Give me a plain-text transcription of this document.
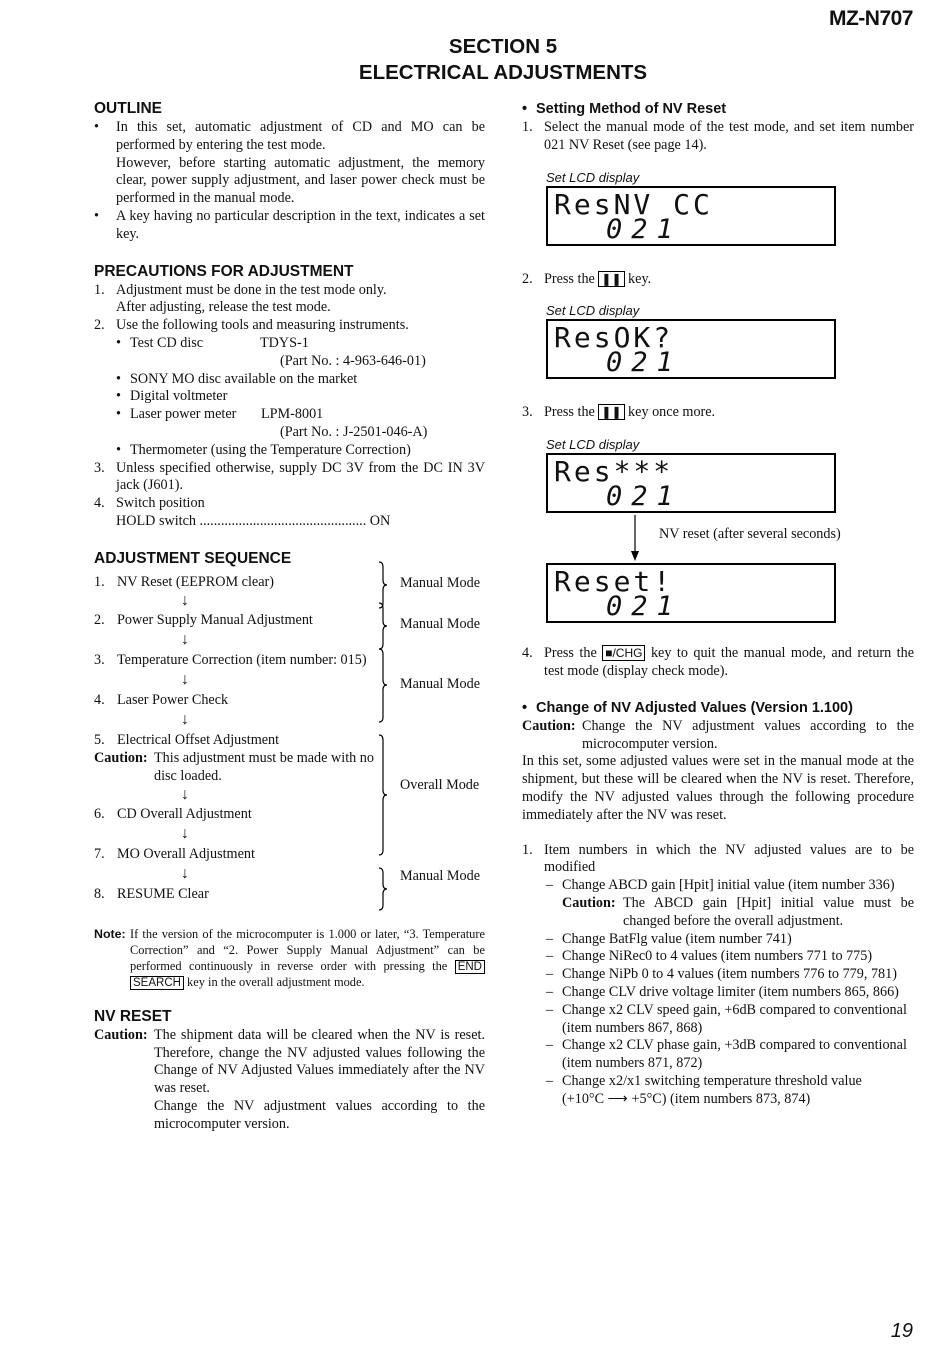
MZ-N707
SECTION 5
ELECTRICAL ADJUSTMENTS
OUTLINE
• In this set, automatic adjustment of CD and MO can be performed by entering the test mode.
However, before starting automatic adjustment, the memory clear, power supply adjustment, and laser power check must be performed in the manual mode.
• A key having no particular description in the text, indicates a set key.
PRECAUTIONS FOR ADJUSTMENT
1. Adjustment must be done in the test mode only.
After adjusting, release the test mode.
2. Use the following tools and measuring instruments.
• Test CD disc	TDYS-1
(Part No. : 4-963-646-01)
• SONY MO disc available on the market
• Digital voltmeter
• Laser power meter LPM-8001
(Part No. : J-2501-046-A)
• Thermometer (using the Temperature Correction)
3. Unless specified otherwise, supply DC 3V from the DC IN 3V jack (J601).
4. Switch position
HOLD switch ............................................... ON
ADJUSTMENT SEQUENCE
1. NV Reset (EEPROM clear)
↓
2. Power Supply Manual Adjustment
↓
3. Temperature Correction (item number: 015)
↓
4. Laser Power Check
↓
5. Electrical Offset Adjustment
Caution: This adjustment must be made with no disc loaded.
↓
6. CD Overall Adjustment
↓
7. MO Overall Adjustment
↓
8. RESUME Clear
Manual Mode
Manual Mode
Manual Mode
Overall Mode
Manual Mode
Note: If the version of the microcomputer is 1.000 or later, “3. Temperature Correction” and “2. Power Supply Manual Adjustment” can be performed continuously in reverse order with pressing the END SEARCH key in the overall adjustment mode.
NV RESET
Caution: The shipment data will be cleared when the NV is reset. Therefore, change the NV adjusted values following the Change of NV Adjusted Values immediately after the NV was reset.
Change the NV adjustment values according to the microcomputer version.
• Setting Method of NV Reset
1. Select the manual mode of the test mode, and set item number 021 NV Reset (see page 14).
Set LCD display
ResNV CC
021
2. Press the ❚❚ key.
Set LCD display
ResOK?
021
3. Press the ❚❚ key once more.
Set LCD display
Res***
021
NV reset (after several seconds)
Reset!
021
4. Press the ■/CHG key to quit the manual mode, and return the test mode (display check mode).
• Change of NV Adjusted Values (Version 1.100)
Caution: Change the NV adjustment values according to the microcomputer version.
In this set, some adjusted values were set in the manual mode at the shipment, but these will be cleared when the NV is reset. Therefore, modify the NV adjusted values through the following procedure immediately after the NV was reset.
1. Item numbers in which the NV adjusted values are to be modified
– Change ABCD gain [Hpit] initial value (item number 336)
Caution: The ABCD gain [Hpit] initial value must be changed before the overall adjustment.
– Change BatFlg value (item number 741)
– Change NiRec0 to 4 values (item numbers 771 to 775)
– Change NiPb 0 to 4 values (item numbers 776 to 779, 781)
– Change CLV drive voltage limiter (item numbers 865, 866)
– Change x2 CLV speed gain, +6dB compared to conventional (item numbers 867, 868)
– Change x2 CLV phase gain, +3dB compared to conventional (item numbers 871, 872)
– Change x2/x1 switching temperature threshold value
(+10°C ⟶ +5°C) (item numbers 873, 874)
19
